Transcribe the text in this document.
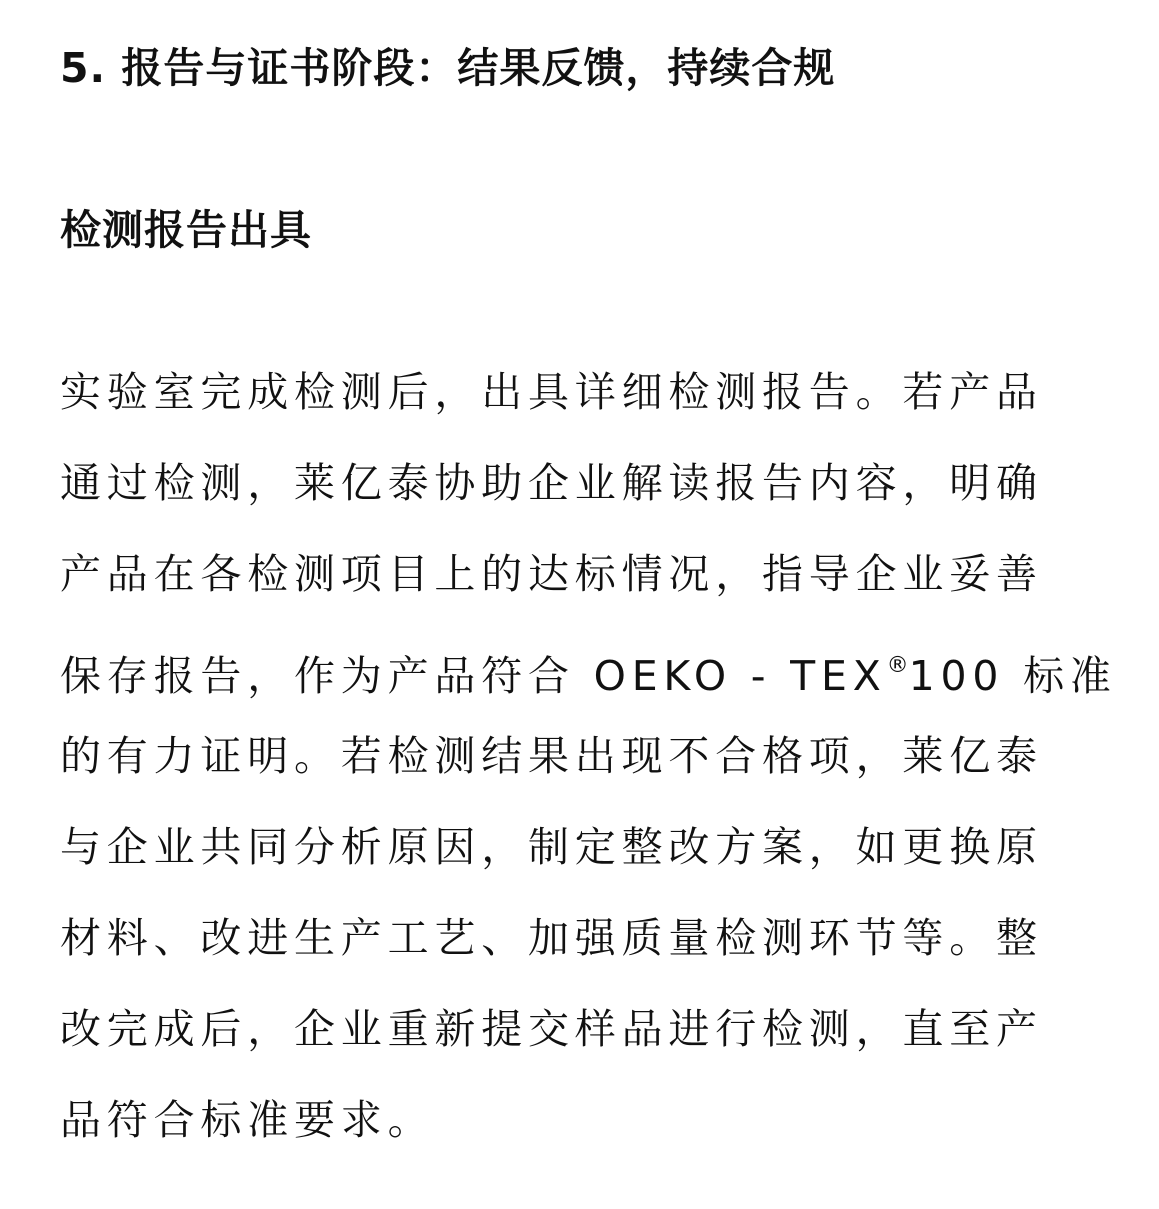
5. 报告与证书阶段：结果反馈，持续合规
检测报告出具
实验室完成检测后，出具详细检测报告。若产品
通过检测，莱亿泰协助企业解读报告内容，明确
产品在各检测项目上的达标情况，指导企业妥善
保存报告，作为产品符合 OEKO - TEX®100 标准
的有力证明。若检测结果出现不合格项，莱亿泰
与企业共同分析原因，制定整改方案，如更换原
材料、改进生产工艺、加强质量检测环节等。整
改完成后，企业重新提交样品进行检测，直至产
品符合标准要求。
